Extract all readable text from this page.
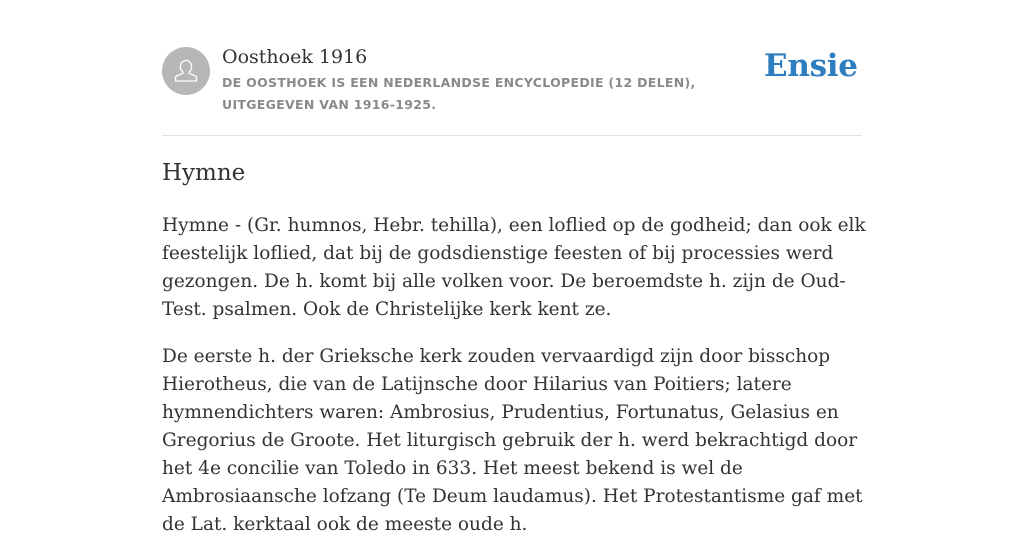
Oosthoek 1916
DE OOSTHOEK IS EEN NEDERLANDSE ENCYCLOPEDIE (12 DELEN), UITGEGEVEN VAN 1916-1925.
Ensie
Hymne

Hymne - (Gr. humnos, Hebr. tehilla), een loflied op de godheid; dan ook elk feestelijk loflied, dat bij de godsdienstige feesten of bij processies werd gezongen. De h. komt bij alle volken voor. De beroemdste h. zijn de Oud-Test. psalmen. Ook de Christelijke kerk kent ze.

De eerste h. der Grieksche kerk zouden vervaardigd zijn door bisschop Hierotheus, die van de Latijnsche door Hilarius van Poitiers; latere hymnendichters waren: Ambrosius, Prudentius, Fortunatus, Gelasius en Gregorius de Groote. Het liturgisch gebruik der h. werd bekrachtigd door het 4e concilie van Toledo in 633. Het meest bekend is wel de Ambrosiaansche lofzang (Te Deum laudamus). Het Protestantisme gaf met de Lat. kerktaal ook de meeste oude h.
